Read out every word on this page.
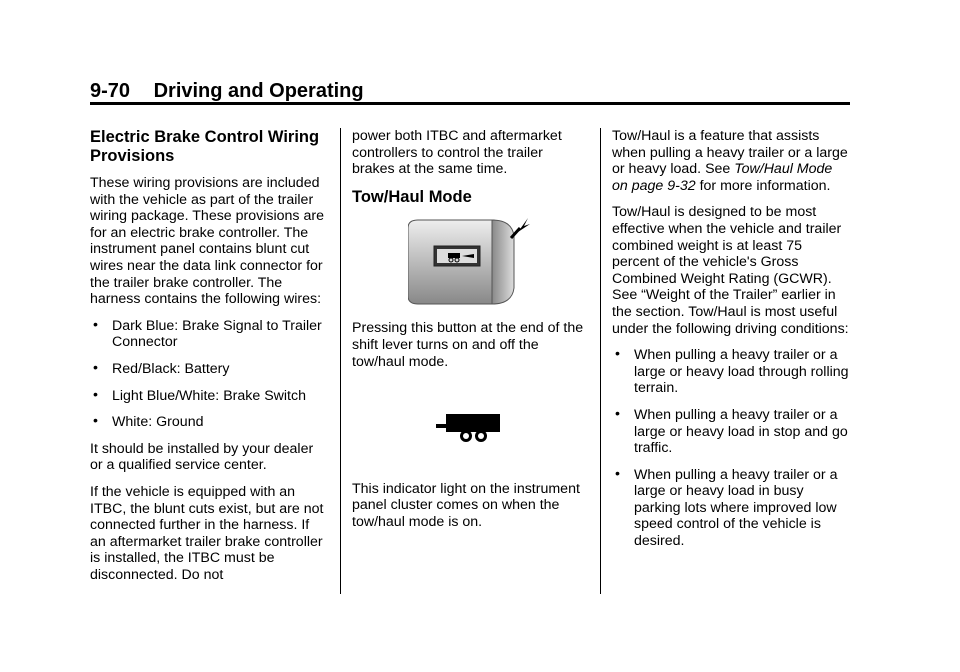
9-70 Driving and Operating
Electric Brake Control Wiring Provisions

These wiring provisions are included with the vehicle as part of the trailer wiring package. These provisions are for an electric brake controller. The instrument panel contains blunt cut wires near the data link connector for the trailer brake controller. The harness contains the following wires:

• Dark Blue: Brake Signal to Trailer Connector
• Red/Black: Battery
• Light Blue/White: Brake Switch
• White: Ground

It should be installed by your dealer or a qualified service center.

If the vehicle is equipped with an ITBC, the blunt cuts exist, but are not connected further in the harness. If an aftermarket trailer brake controller is installed, the ITBC must be disconnected. Do not

power both ITBC and aftermarket controllers to control the trailer brakes at the same time.

Tow/Haul Mode

Pressing this button at the end of the shift lever turns on and off the tow/haul mode.

This indicator light on the instrument panel cluster comes on when the tow/haul mode is on.

Tow/Haul is a feature that assists when pulling a heavy trailer or a large or heavy load. See Tow/Haul Mode on page 9-32 for more information.

Tow/Haul is designed to be most effective when the vehicle and trailer combined weight is at least 75 percent of the vehicle's Gross Combined Weight Rating (GCWR). See “Weight of the Trailer” earlier in the section. Tow/Haul is most useful under the following driving conditions:

• When pulling a heavy trailer or a large or heavy load through rolling terrain.
• When pulling a heavy trailer or a large or heavy load in stop and go traffic.
• When pulling a heavy trailer or a large or heavy load in busy parking lots where improved low speed control of the vehicle is desired.
